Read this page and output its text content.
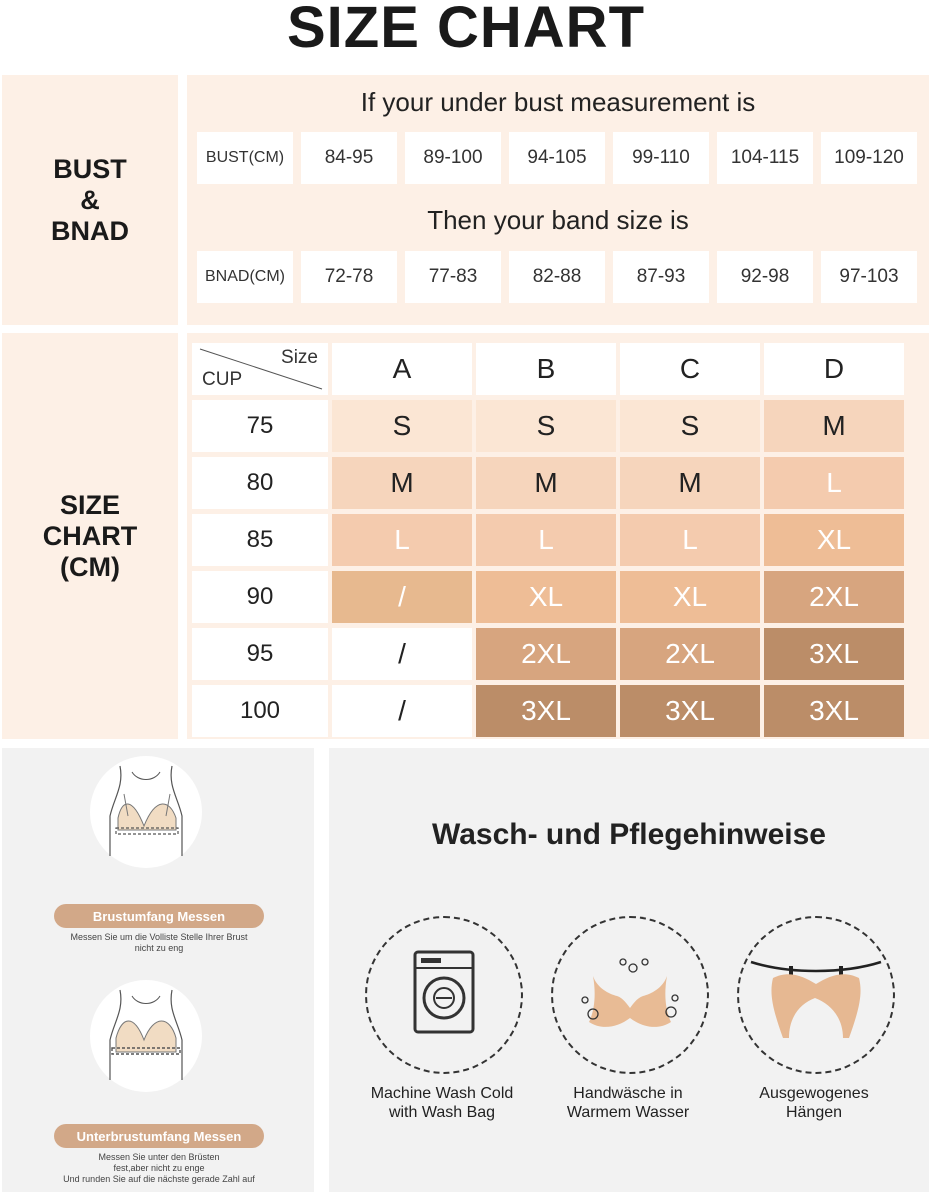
SIZE CHART
BUST
&
BNAD
If your under bust measurement is
BUST(CM)	84-95	89-100	94-105	99-110	104-115	109-120
Then your band size is
BNAD(CM)	72-78	77-83	82-88	87-93	92-98	97-103
SIZE
CHART
(CM)
Size
CUP	A	B	C	D
75	S	S	S	M
80	M	M	M	L
85	L	L	L	XL
90	/	XL	XL	2XL
95	/	2XL	2XL	3XL
100	/	3XL	3XL	3XL
Brustumfang Messen
Messen Sie um die Volliste Stelle Ihrer Brust
nicht zu eng
Unterbrustumfang Messen
Messen Sie unter den Brüsten
fest,aber nicht zu enge
Und runden Sie auf die nächste gerade Zahl auf
Wasch- und Pflegehinweise
Machine Wash Cold
with Wash Bag
Handwäsche in
Warmem Wasser
Ausgewogenes
Hängen
